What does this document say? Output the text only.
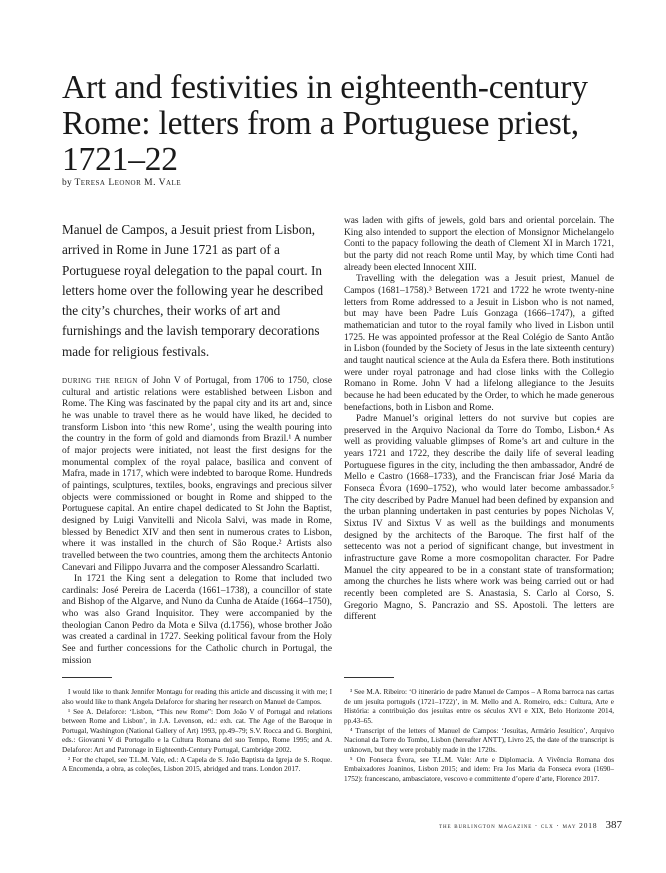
Art and festivities in eighteenth-century Rome: letters from a Portuguese priest, 1721–22
by Teresa Leonor M. Vale

Manuel de Campos, a Jesuit priest from Lisbon, arrived in Rome in June 1721 as part of a Portuguese royal delegation to the papal court. In letters home over the following year he described the city’s churches, their works of art and furnishings and the lavish temporary decorations made for religious festivals.

during the reign of John V of Portugal, from 1706 to 1750, close cultural and artistic relations were established between Lisbon and Rome. The King was fascinated by the papal city and its art and, since he was unable to travel there as he would have liked, he decided to transform Lisbon into ‘this new Rome’, using the wealth pouring into the country in the form of gold and diamonds from Brazil.¹ A number of major projects were initiated, not least the first designs for the monumental complex of the royal palace, basilica and convent of Mafra, made in 1717, which were indebted to baroque Rome. Hundreds of paintings, sculptures, textiles, books, engravings and precious silver objects were commissioned or bought in Rome and shipped to the Portuguese capital. An entire chapel dedicated to St John the Baptist, designed by Luigi Vanvitelli and Nicola Salvi, was made in Rome, blessed by Benedict XIV and then sent in numerous crates to Lisbon, where it was installed in the church of São Roque.² Artists also travelled between the two countries, among them the architects Antonio Canevari and Filippo Juvarra and the composer Alessandro Scarlatti.

In 1721 the King sent a delegation to Rome that included two cardinals: José Pereira de Lacerda (1661–1738), a councillor of state and Bishop of the Algarve, and Nuno da Cunha de Ataíde (1664–1750), who was also Grand Inquisitor. They were accompanied by the theologian Canon Pedro da Mota e Silva (d.1756), whose brother João was created a cardinal in 1727. Seeking political favour from the Holy See and further concessions for the Catholic church in Portugal, the mission

was laden with gifts of jewels, gold bars and oriental porcelain. The King also intended to support the election of Monsignor Michelangelo Conti to the papacy following the death of Clement XI in March 1721, but the party did not reach Rome until May, by which time Conti had already been elected Innocent XIII.

Travelling with the delegation was a Jesuit priest, Manuel de Campos (1681–1758).³ Between 1721 and 1722 he wrote twenty-nine letters from Rome addressed to a Jesuit in Lisbon who is not named, but may have been Padre Luís Gonzaga (1666–1747), a gifted mathematician and tutor to the royal family who lived in Lisbon until 1725. He was appointed professor at the Real Colégio de Santo Antão in Lisbon (founded by the Society of Jesus in the late sixteenth century) and taught nautical science at the Aula da Esfera there. Both institutions were under royal patronage and had close links with the Collegio Romano in Rome. John V had a lifelong allegiance to the Jesuits because he had been educated by the Order, to which he made generous benefactions, both in Lisbon and Rome.

Padre Manuel’s original letters do not survive but copies are preserved in the Arquivo Nacional da Torre do Tombo, Lisbon.⁴ As well as providing valuable glimpses of Rome’s art and culture in the years 1721 and 1722, they describe the daily life of several leading Portuguese figures in the city, including the then ambassador, André de Mello e Castro (1668–1733), and the Franciscan friar José Maria da Fonseca Évora (1690–1752), who would later become ambassador.⁵ The city described by Padre Manuel had been defined by expansion and the urban planning undertaken in past centuries by popes Nicholas V, Sixtus IV and Sixtus V as well as the buildings and monuments designed by the architects of the Baroque. The first half of the settecento was not a period of significant change, but investment in infrastructure gave Rome a more cosmopolitan character. For Padre Manuel the city appeared to be in a constant state of transformation; among the churches he lists where work was being carried out or had recently been completed are S. Anastasia, S. Carlo al Corso, S. Gregorio Magno, S. Pancrazio and SS. Apostoli. The letters are different

I would like to thank Jennifer Montagu for reading this article and discussing it with me; I also would like to thank Angela Delaforce for sharing her research on Manuel de Campos.

¹ See A. Delaforce: ‘Lisbon, “This new Rome”: Dom João V of Portugal and relations between Rome and Lisbon’, in J.A. Levenson, ed.: exh. cat. The Age of the Baroque in Portugal, Washington (National Gallery of Art) 1993, pp.49–79; S.V. Rocca and G. Borghini, eds.: Giovanni V di Portogallo e la Cultura Romana del suo Tempo, Rome 1995; and A. Delaforce: Art and Patronage in Eighteenth-Century Portugal, Cambridge 2002.

² For the chapel, see T.L.M. Vale, ed.: A Capela de S. João Baptista da Igreja de S. Roque. A Encomenda, a obra, as coleções, Lisbon 2015, abridged and trans. London 2017.

³ See M.A. Ribeiro: ‘O itinerário de padre Manuel de Campos – A Roma barroca nas cartas de um jesuíta português (1721–1722)’, in M. Mello and A. Romeiro, eds.: Cultura, Arte e História: a contribuição dos jesuítas entre os séculos XVI e XIX, Belo Horizonte 2014, pp.43–65.

⁴ Transcript of the letters of Manuel de Campos: ‘Jesuítas, Armário Jesuítico’, Arquivo Nacional da Torre do Tombo, Lisbon (hereafter ANTT), Livro 25, the date of the transcript is unknown, but they were probably made in the 1720s.

⁵ On Fonseca Évora, see T.L.M. Vale: Arte e Diplomacia. A Vivência Romana dos Embaixadores Joaninos, Lisbon 2015; and idem: Fra Jos Maria da Fonseca evora (1690–1752): francescano, ambasciatore, vescovo e committente d’opere d’arte, Florence 2017.

the burlington magazine · clx · may 2018 387
